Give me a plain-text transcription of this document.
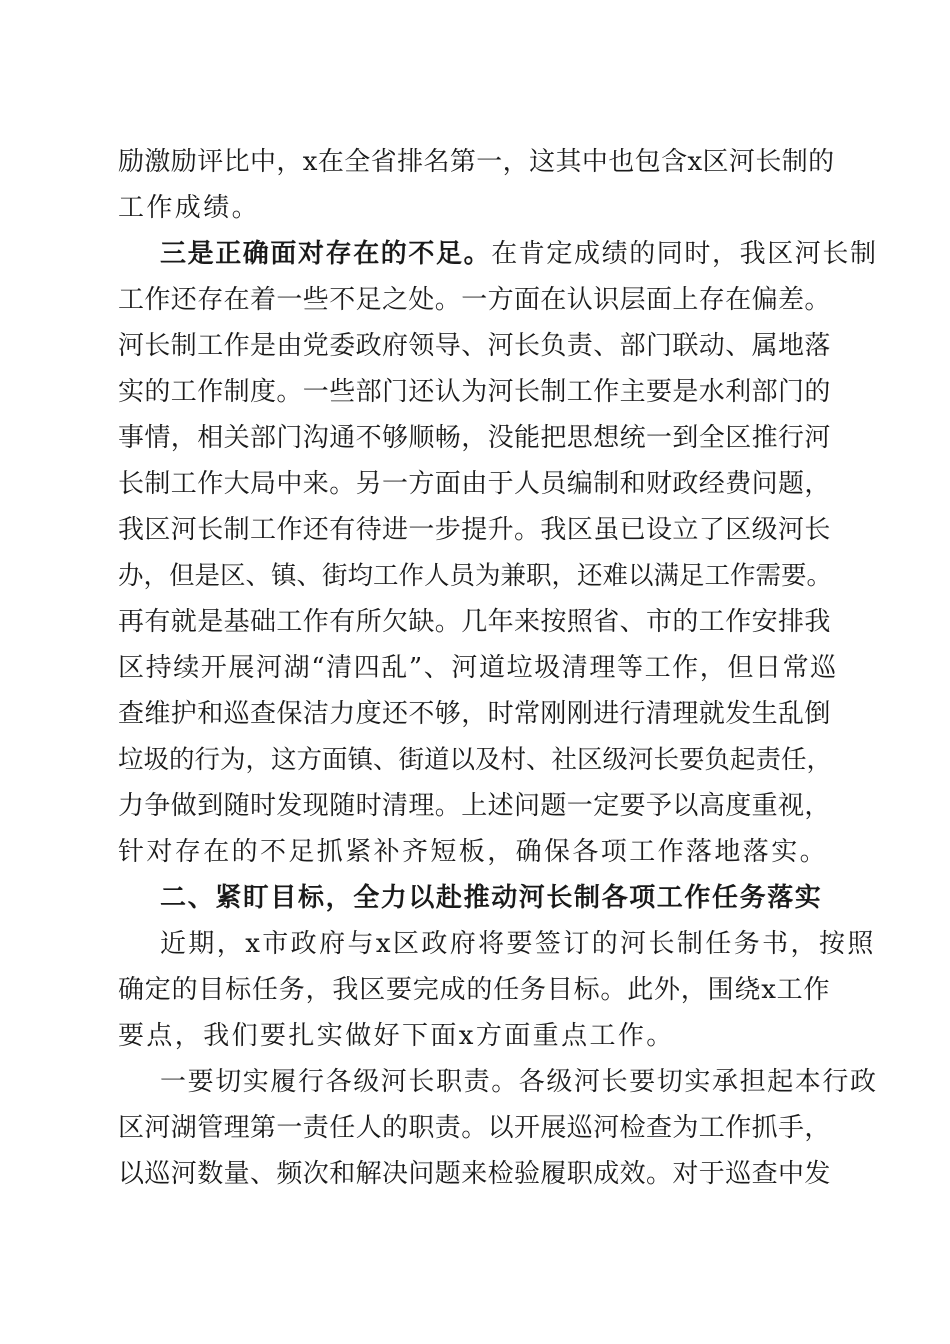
励激励评比中，x在全省排名第一，这其中也包含x区河长制的
工作成绩。
三是正确面对存在的不足。在肯定成绩的同时，我区河长制
工作还存在着一些不足之处。一方面在认识层面上存在偏差。
河长制工作是由党委政府领导、河长负责、部门联动、属地落
实的工作制度。一些部门还认为河长制工作主要是水利部门的
事情，相关部门沟通不够顺畅，没能把思想统一到全区推行河
长制工作大局中来。另一方面由于人员编制和财政经费问题，
我区河长制工作还有待进一步提升。我区虽已设立了区级河长
办，但是区、镇、街均工作人员为兼职，还难以满足工作需要。
再有就是基础工作有所欠缺。几年来按照省、市的工作安排我
区持续开展河湖“清四乱”、河道垃圾清理等工作，但日常巡
查维护和巡查保洁力度还不够，时常刚刚进行清理就发生乱倒
垃圾的行为，这方面镇、街道以及村、社区级河长要负起责任，
力争做到随时发现随时清理。上述问题一定要予以高度重视，
针对存在的不足抓紧补齐短板，确保各项工作落地落实。
二、紧盯目标，全力以赴推动河长制各项工作任务落实
近期，x市政府与x区政府将要签订的河长制任务书，按照
确定的目标任务，我区要完成的任务目标。此外，围绕x工作
要点，我们要扎实做好下面x方面重点工作。
一要切实履行各级河长职责。各级河长要切实承担起本行政
区河湖管理第一责任人的职责。以开展巡河检查为工作抓手，
以巡河数量、频次和解决问题来检验履职成效。对于巡查中发
